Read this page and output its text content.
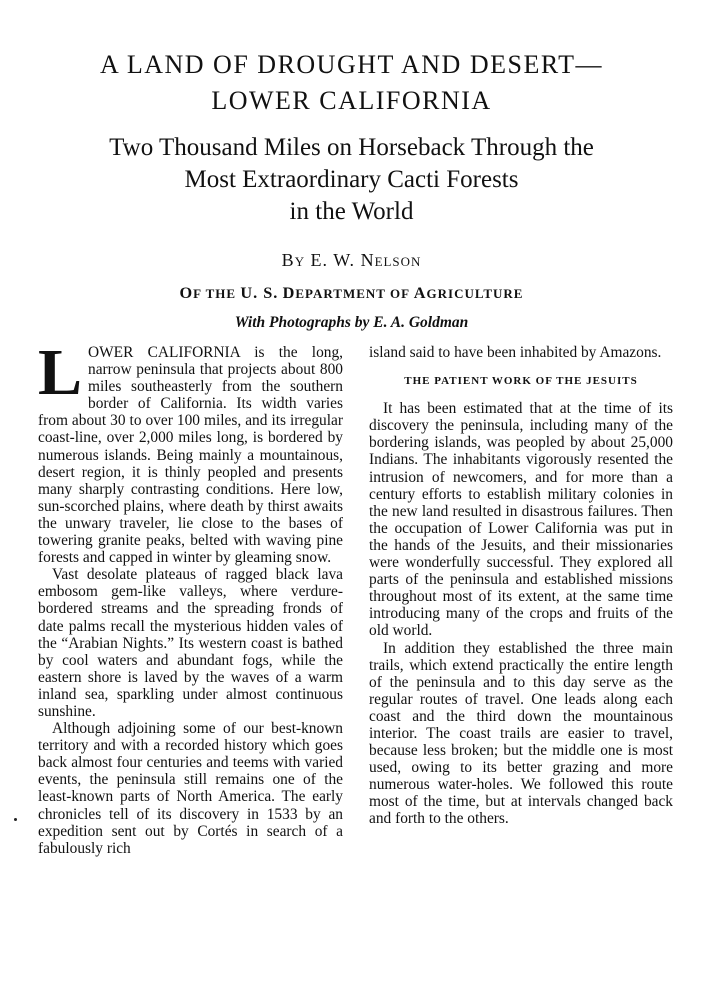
A LAND OF DROUGHT AND DESERT—
LOWER CALIFORNIA
Two Thousand Miles on Horseback Through the
Most Extraordinary Cacti Forests
in the World
BY E. W. NELSON
OF THE U. S. DEPARTMENT OF AGRICULTURE
With Photographs by E. A. Goldman

LOWER CALIFORNIA is the long, narrow peninsula that projects about 800 miles southeasterly from the southern border of California. Its width varies from about 30 to over 100 miles, and its irregular coast-line, over 2,000 miles long, is bordered by numerous islands. Being mainly a mountainous, desert region, it is thinly peopled and presents many sharply contrasting conditions. Here low, sun-scorched plains, where death by thirst awaits the unwary traveler, lie close to the bases of towering granite peaks, belted with waving pine forests and capped in winter by gleaming snow.

Vast desolate plateaus of ragged black lava embosom gem-like valleys, where verdure-bordered streams and the spreading fronds of date palms recall the mysterious hidden vales of the “Arabian Nights.” Its western coast is bathed by cool waters and abundant fogs, while the eastern shore is laved by the waves of a warm inland sea, sparkling under almost continuous sunshine.

Although adjoining some of our best-known territory and with a recorded history which goes back almost four centuries and teems with varied events, the peninsula still remains one of the least-known parts of North America. The early chronicles tell of its discovery in 1533 by an expedition sent out by Cortés in search of a fabulously rich

island said to have been inhabited by Amazons.

THE PATIENT WORK OF THE JESUITS

It has been estimated that at the time of its discovery the peninsula, including many of the bordering islands, was peopled by about 25,000 Indians. The inhabitants vigorously resented the intrusion of newcomers, and for more than a century efforts to establish military colonies in the new land resulted in disastrous failures. Then the occupation of Lower California was put in the hands of the Jesuits, and their missionaries were wonderfully successful. They explored all parts of the peninsula and established missions throughout most of its extent, at the same time introducing many of the crops and fruits of the old world.

In addition they established the three main trails, which extend practically the entire length of the peninsula and to this day serve as the regular routes of travel. One leads along each coast and the third down the mountainous interior. The coast trails are easier to travel, because less broken; but the middle one is most used, owing to its better grazing and more numerous water-holes. We followed this route most of the time, but at intervals changed back and forth to the others.
